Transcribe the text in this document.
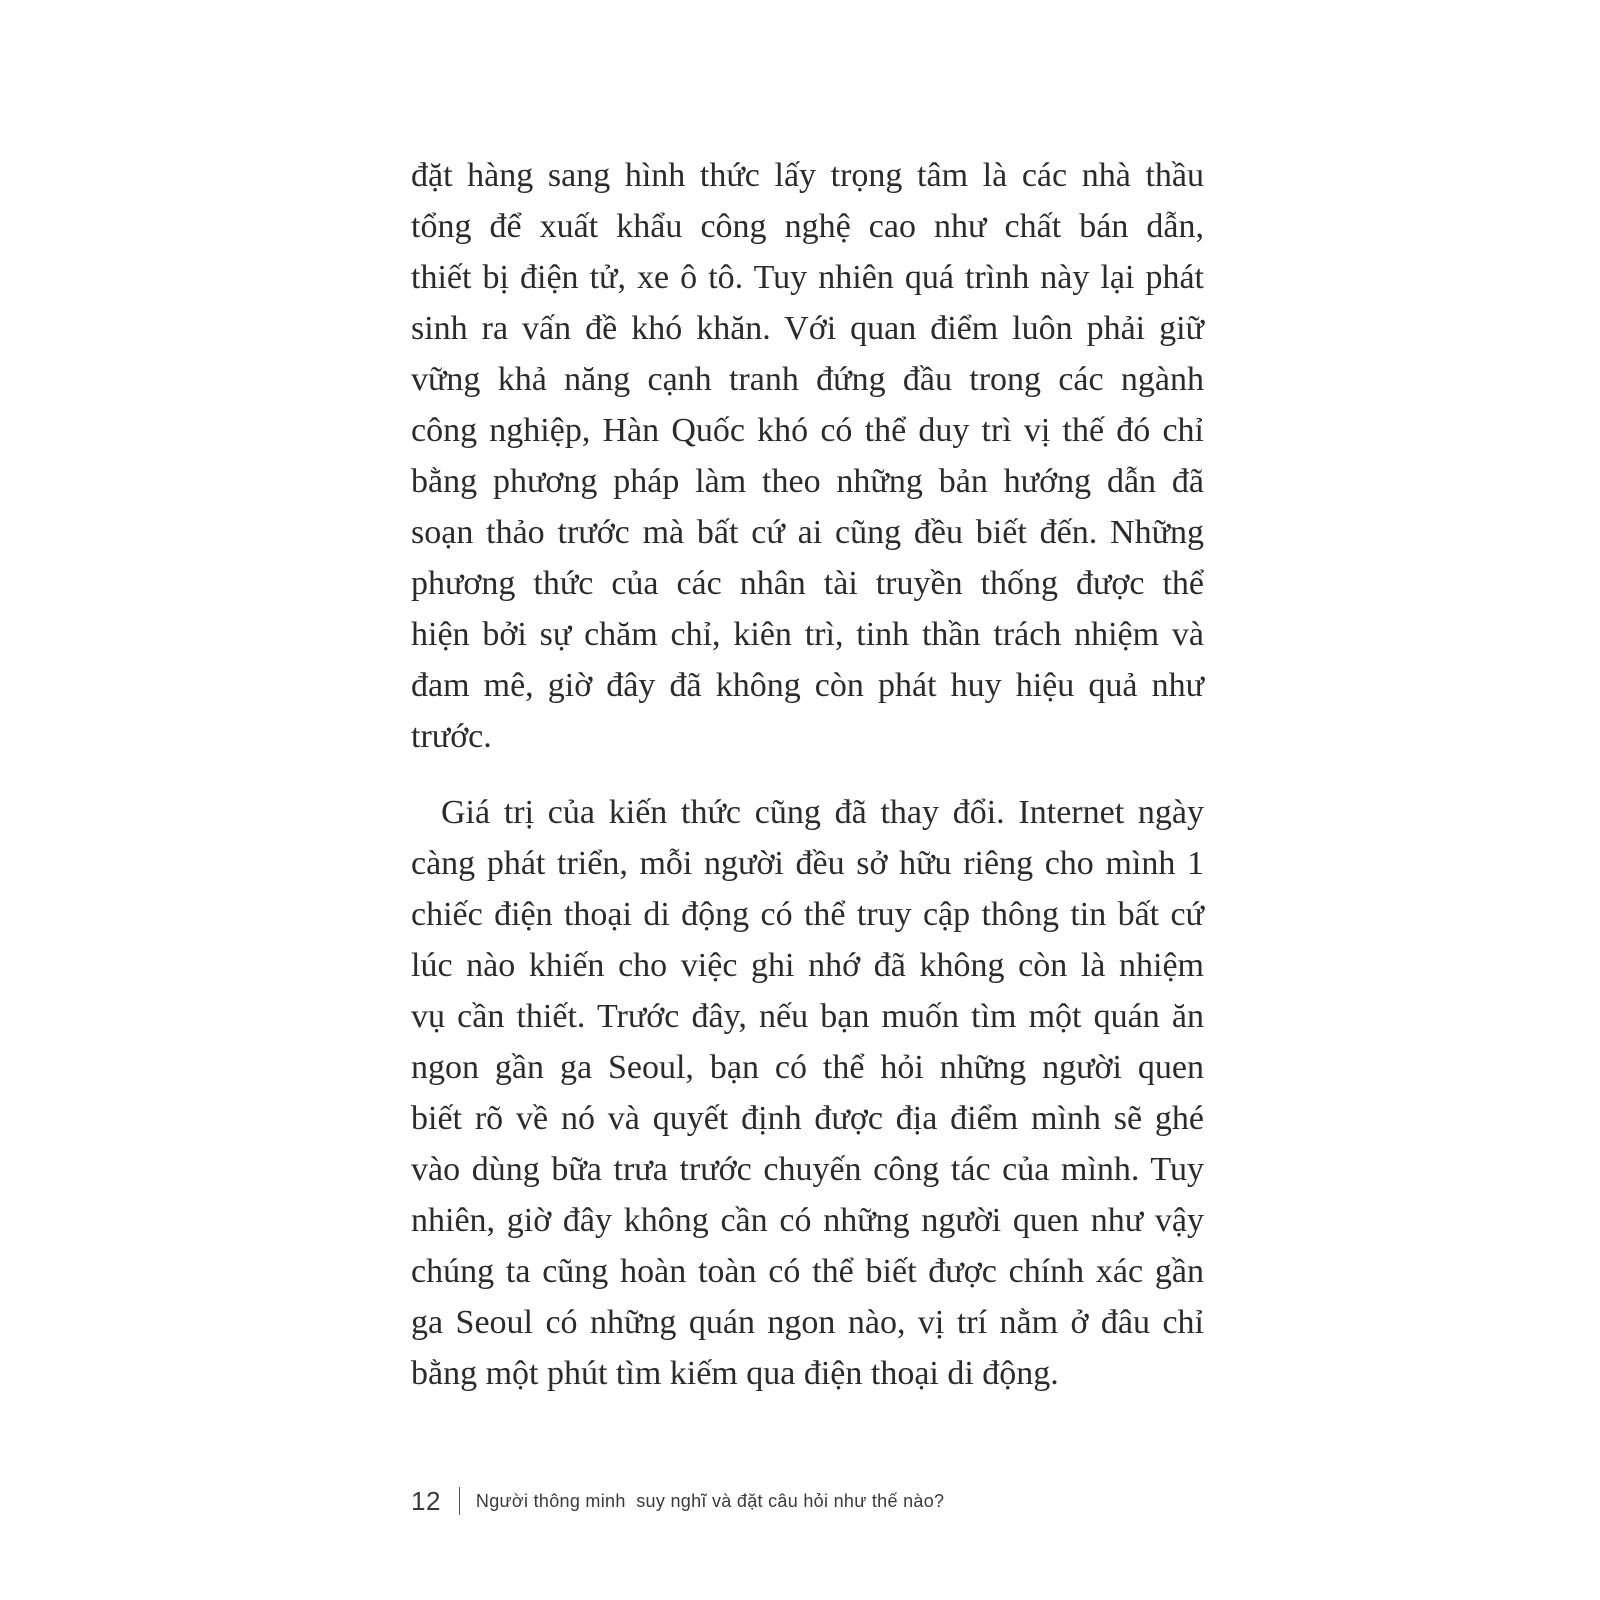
đặt hàng sang hình thức lấy trọng tâm là các nhà thầu
tổng để xuất khẩu công nghệ cao như chất bán dẫn,
thiết bị điện tử, xe ô tô. Tuy nhiên quá trình này lại phát
sinh ra vấn đề khó khăn. Với quan điểm luôn phải giữ
vững khả năng cạnh tranh đứng đầu trong các ngành
công nghiệp, Hàn Quốc khó có thể duy trì vị thế đó chỉ
bằng phương pháp làm theo những bản hướng dẫn đã
soạn thảo trước mà bất cứ ai cũng đều biết đến. Những
phương thức của các nhân tài truyền thống được thể
hiện bởi sự chăm chỉ, kiên trì, tinh thần trách nhiệm và
đam mê, giờ đây đã không còn phát huy hiệu quả như
trước.

Giá trị của kiến thức cũng đã thay đổi. Internet ngày
càng phát triển, mỗi người đều sở hữu riêng cho mình 1
chiếc điện thoại di động có thể truy cập thông tin bất cứ
lúc nào khiến cho việc ghi nhớ đã không còn là nhiệm
vụ cần thiết. Trước đây, nếu bạn muốn tìm một quán ăn
ngon gần ga Seoul, bạn có thể hỏi những người quen
biết rõ về nó và quyết định được địa điểm mình sẽ ghé
vào dùng bữa trưa trước chuyến công tác của mình. Tuy
nhiên, giờ đây không cần có những người quen như vậy
chúng ta cũng hoàn toàn có thể biết được chính xác gần
ga Seoul có những quán ngon nào, vị trí nằm ở đâu chỉ
bằng một phút tìm kiếm qua điện thoại di động.

12 Người thông minh  suy nghĩ và đặt câu hỏi như thế nào?
